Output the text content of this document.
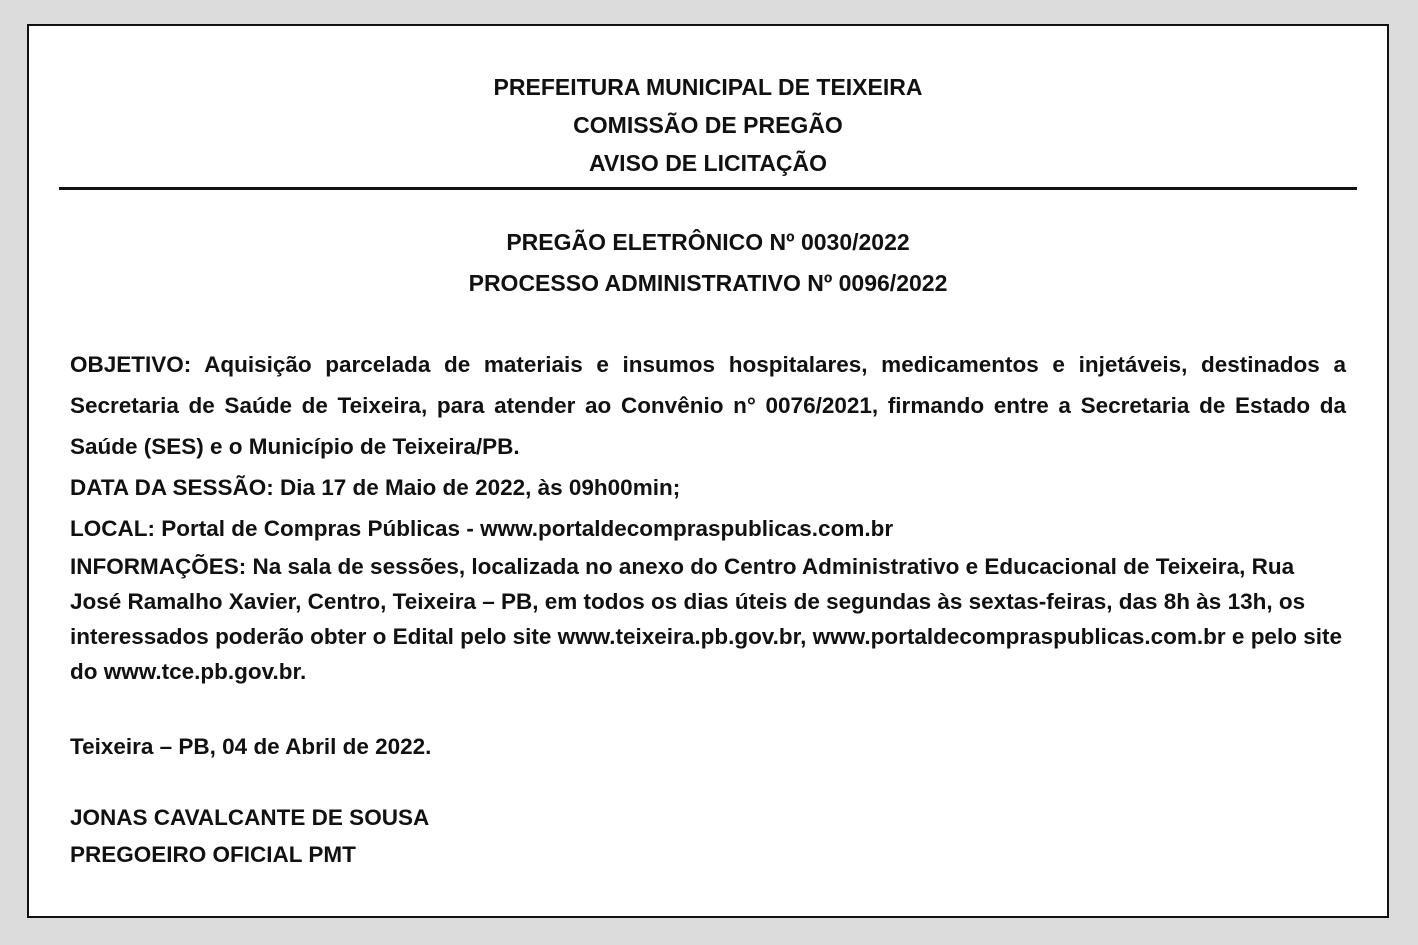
PREFEITURA MUNICIPAL DE TEIXEIRA
COMISSÃO DE PREGÃO
AVISO DE LICITAÇÃO
PREGÃO ELETRÔNICO Nº 0030/2022
PROCESSO ADMINISTRATIVO Nº 0096/2022

OBJETIVO: Aquisição parcelada de materiais e insumos hospitalares, medicamentos e injetáveis, destinados a Secretaria de Saúde de Teixeira, para atender ao Convênio n° 0076/2021, firmando entre a Secretaria de Estado da Saúde (SES) e o Município de Teixeira/PB.

DATA DA SESSÃO: Dia 17 de Maio de 2022, às 09h00min;

LOCAL: Portal de Compras Públicas - www.portaldecompraspublicas.com.br

INFORMAÇÕES: Na sala de sessões, localizada no anexo do Centro Administrativo e Educacional de Teixeira, Rua José Ramalho Xavier, Centro, Teixeira – PB, em todos os dias úteis de segundas às sextas-feiras, das 8h às 13h, os interessados poderão obter o Edital pelo site www.teixeira.pb.gov.br, www.portaldecompraspublicas.com.br e pelo site do www.tce.pb.gov.br.

Teixeira – PB, 04 de Abril de 2022.
JONAS CAVALCANTE DE SOUSA
PREGOEIRO OFICIAL PMT
